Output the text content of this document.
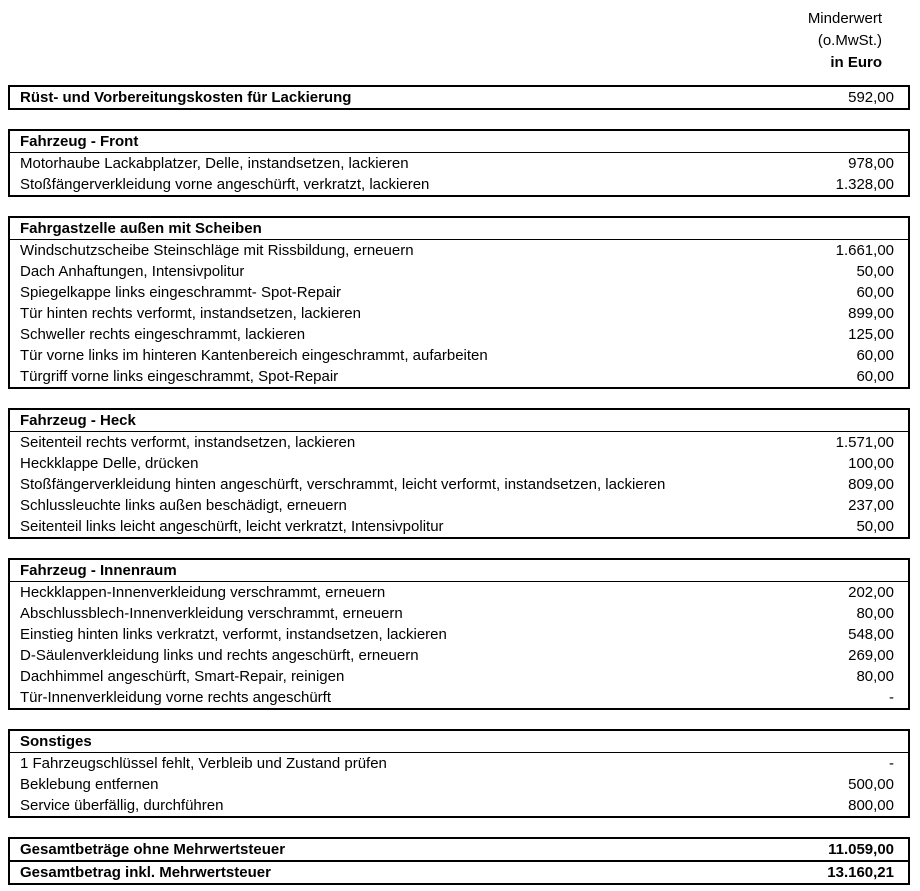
Minderwert
(o.MwSt.)
in Euro
Rüst- und Vorbereitungskosten für Lackierung	592,00
Fahrzeug - Front
Motorhaube Lackabplatzer, Delle, instandsetzen, lackieren	978,00
Stoßfängerverkleidung vorne angeschürft, verkratzt, lackieren	1.328,00
Fahrgastzelle außen mit Scheiben
Windschutzscheibe Steinschläge mit Rissbildung, erneuern	1.661,00
Dach Anhaftungen, Intensivpolitur	50,00
Spiegelkappe links eingeschrammt- Spot-Repair	60,00
Tür hinten rechts verformt, instandsetzen, lackieren	899,00
Schweller rechts eingeschrammt, lackieren	125,00
Tür vorne links im hinteren Kantenbereich eingeschrammt, aufarbeiten	60,00
Türgriff vorne links eingeschrammt, Spot-Repair	60,00
Fahrzeug - Heck
Seitenteil rechts verformt, instandsetzen, lackieren	1.571,00
Heckklappe Delle, drücken	100,00
Stoßfängerverkleidung hinten angeschürft, verschrammt, leicht verformt, instandsetzen, lackieren	809,00
Schlussleuchte links außen beschädigt, erneuern	237,00
Seitenteil links leicht angeschürft, leicht verkratzt, Intensivpolitur	50,00
Fahrzeug - Innenraum
Heckklappen-Innenverkleidung verschrammt, erneuern	202,00
Abschlussblech-Innenverkleidung verschrammt, erneuern	80,00
Einstieg hinten links verkratzt, verformt, instandsetzen, lackieren	548,00
D-Säulenverkleidung links und rechts angeschürft, erneuern	269,00
Dachhimmel angeschürft, Smart-Repair, reinigen	80,00
Tür-Innenverkleidung vorne rechts angeschürft	-
Sonstiges
1 Fahrzeugschlüssel fehlt, Verbleib und Zustand prüfen	-
Beklebung entfernen	500,00
Service überfällig, durchführen	800,00
Gesamtbeträge ohne Mehrwertsteuer	11.059,00
Gesamtbetrag inkl. Mehrwertsteuer	13.160,21
